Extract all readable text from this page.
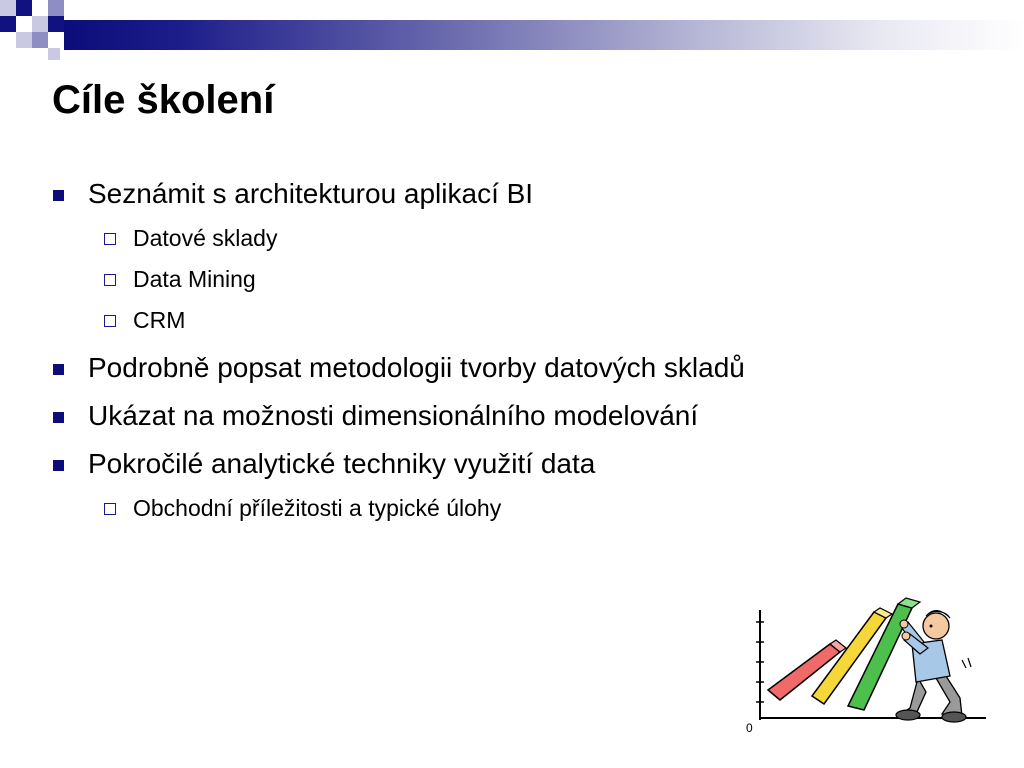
Cíle školení
Seznámit s architekturou aplikací BI
Datové sklady
Data Mining
CRM
Podrobně popsat metodologii tvorby datových skladů
Ukázat na možnosti dimensionálního modelování
Pokročilé analytické techniky využití data
Obchodní příležitosti a typické úlohy
0
